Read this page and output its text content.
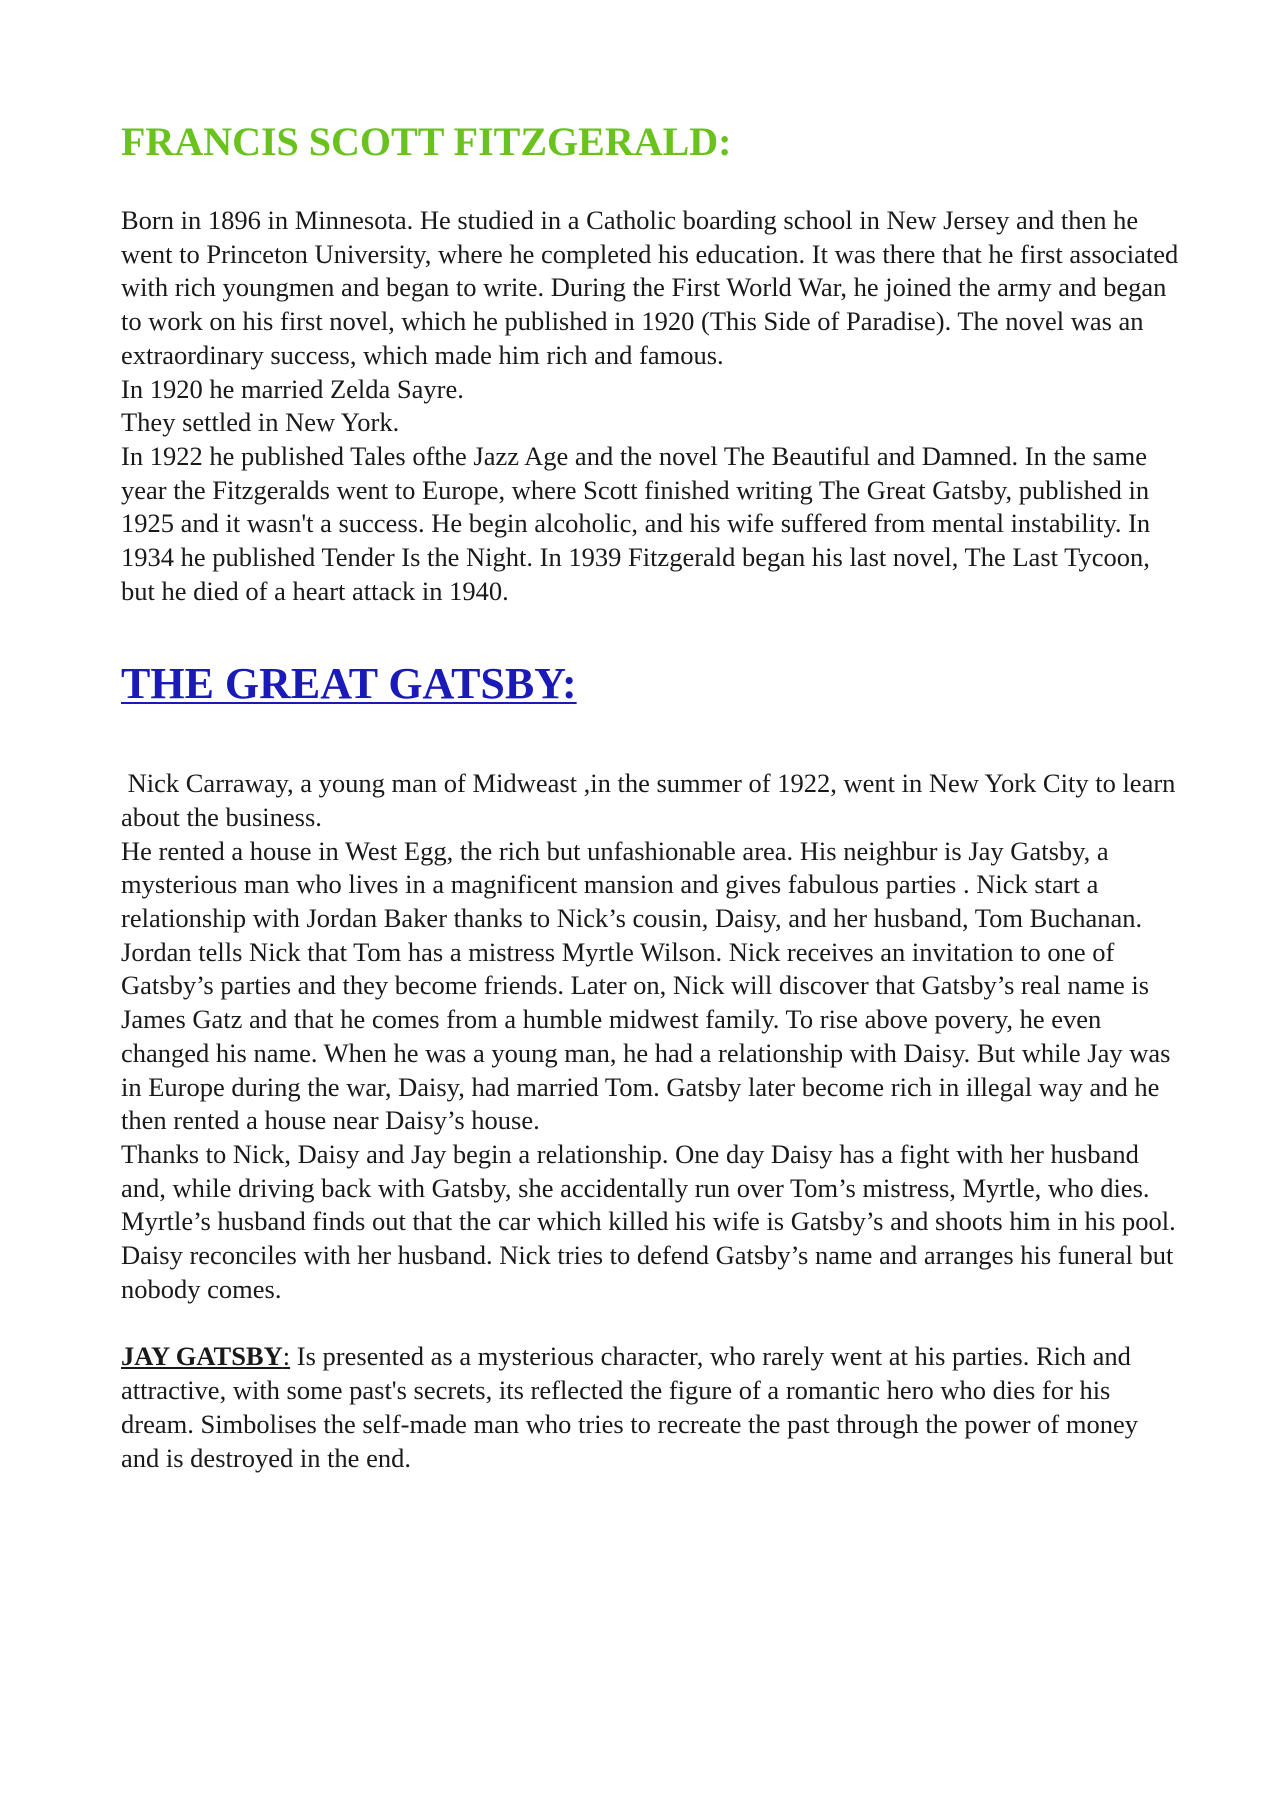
FRANCIS SCOTT FITZGERALD:

Born in 1896 in Minnesota. He studied in a Catholic boarding school in New Jersey and then he went to Princeton University, where he completed his education. It was there that he first associated with rich youngmen and began to write. During the First World War, he joined the army and began to work on his first novel, which he published in 1920 (This Side of Paradise). The novel was an extraordinary success, which made him rich and famous.

In 1920 he married Zelda Sayre.

They settled in New York.

In 1922 he published Tales ofthe Jazz Age and the novel The Beautiful and Damned. In the same year the Fitzgeralds went to Europe, where Scott finished writing The Great Gatsby, published in 1925 and it wasn't a success. He begin alcoholic, and his wife suffered from mental instability. In 1934 he published Tender Is the Night. In 1939 Fitzgerald began his last novel, The Last Tycoon, but he died of a heart attack in 1940.

THE GREAT GATSBY:

Nick Carraway, a young man of Midweast ,in the summer of 1922, went in New York City to learn about the business.

He rented a house in West Egg, the rich but unfashionable area. His neighbur is Jay Gatsby, a mysterious man who lives in a magnificent mansion and gives fabulous parties . Nick start a relationship with Jordan Baker thanks to Nick’s cousin, Daisy, and her husband, Tom Buchanan. Jordan tells Nick that Tom has a mistress Myrtle Wilson. Nick receives an invitation to one of Gatsby’s parties and they become friends. Later on, Nick will discover that Gatsby’s real name is James Gatz and that he comes from a humble midwest family. To rise above povery, he even changed his name. When he was a young man, he had a relationship with Daisy. But while Jay was in Europe during the war, Daisy, had married Tom. Gatsby later become rich in illegal way and he then rented a house near Daisy’s house.

Thanks to Nick, Daisy and Jay begin a relationship. One day Daisy has a fight with her husband and, while driving back with Gatsby, she accidentally run over Tom’s mistress, Myrtle, who dies.

Myrtle’s husband finds out that the car which killed his wife is Gatsby’s and shoots him in his pool.

Daisy reconciles with her husband. Nick tries to defend Gatsby’s name and arranges his funeral but nobody comes.

JAY GATSBY: Is presented as a mysterious character, who rarely went at his parties. Rich and attractive, with some past's secrets, its reflected the figure of a romantic hero who dies for his dream. Simbolises the self-made man who tries to recreate the past through the power of money and is destroyed in the end.
